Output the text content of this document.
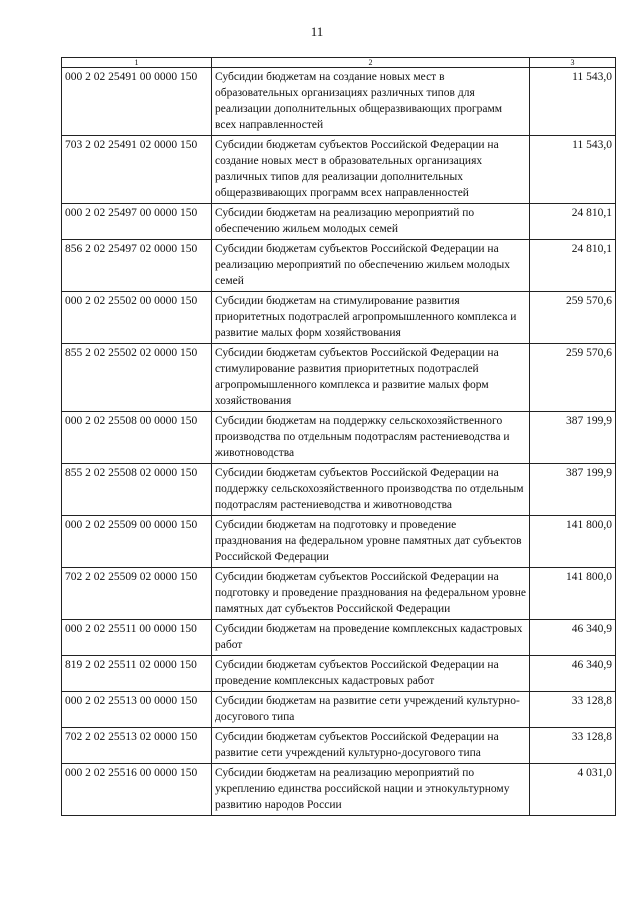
11
1	2	3
000 2 02 25491 00 0000 150	Субсидии бюджетам на создание новых мест в образовательных организациях различных типов для реализации дополнительных общеразвивающих программ всех направленностей	11 543,0
703 2 02 25491 02 0000 150	Субсидии бюджетам субъектов Российской Федерации на создание новых мест в образовательных организациях различных типов для реализации дополнительных общеразвивающих программ всех направленностей	11 543,0
000 2 02 25497 00 0000 150	Субсидии бюджетам на реализацию мероприятий по обеспечению жильем молодых семей	24 810,1
856 2 02 25497 02 0000 150	Субсидии бюджетам субъектов Российской Федерации на реализацию мероприятий по обеспечению жильем молодых семей	24 810,1
000 2 02 25502 00 0000 150	Субсидии бюджетам на стимулирование развития приоритетных подотраслей агропромышленного комплекса и развитие малых форм хозяйствования	259 570,6
855 2 02 25502 02 0000 150	Субсидии бюджетам субъектов Российской Федерации на стимулирование развития приоритетных подотраслей агропромышленного комплекса и развитие малых форм хозяйствования	259 570,6
000 2 02 25508 00 0000 150	Субсидии бюджетам на поддержку сельскохозяйственного производства по отдельным подотраслям растениеводства и животноводства	387 199,9
855 2 02 25508 02 0000 150	Субсидии бюджетам субъектов Российской Федерации на поддержку сельскохозяйственного производства по отдельным подотраслям растениеводства и животноводства	387 199,9
000 2 02 25509 00 0000 150	Субсидии бюджетам на подготовку и проведение празднования на федеральном уровне памятных дат субъектов Российской Федерации	141 800,0
702 2 02 25509 02 0000 150	Субсидии бюджетам субъектов Российской Федерации на подготовку и проведение празднования на федеральном уровне памятных дат субъектов Российской Федерации	141 800,0
000 2 02 25511 00 0000 150	Субсидии бюджетам на проведение комплексных кадастровых работ	46 340,9
819 2 02 25511 02 0000 150	Субсидии бюджетам субъектов Российской Федерации на проведение комплексных кадастровых работ	46 340,9
000 2 02 25513 00 0000 150	Субсидии бюджетам на развитие сети учреждений культурно-досугового типа	33 128,8
702 2 02 25513 02 0000 150	Субсидии бюджетам субъектов Российской Федерации на развитие сети учреждений культурно-досугового типа	33 128,8
000 2 02 25516 00 0000 150	Субсидии бюджетам на реализацию мероприятий по укреплению единства российской нации и этнокультурному развитию народов России	4 031,0
